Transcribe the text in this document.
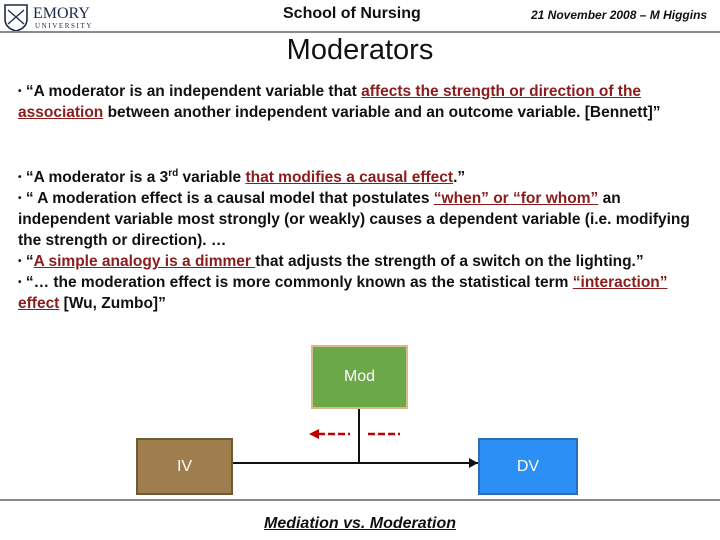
EMORY
UNIVERSITY
School of Nursing	21 November 2008 – M Higgins
Moderators

• “A moderator is an independent variable that affects the strength or direction of the association between another independent variable and an outcome variable. [Bennett]”

• “A moderator is a 3rd variable that modifies a causal effect.”

• “ A moderation effect is a causal model that postulates “when” or “for whom” an independent variable most strongly (or weakly) causes a dependent variable (i.e. modifying the strength or direction). …

• “A simple analogy is a dimmer that adjusts the strength of a switch on the lighting.”

• “… the moderation effect is more commonly known as the statistical term “interaction” effect [Wu, Zumbo]”

Mod
IV	DV
Mediation vs. Moderation
